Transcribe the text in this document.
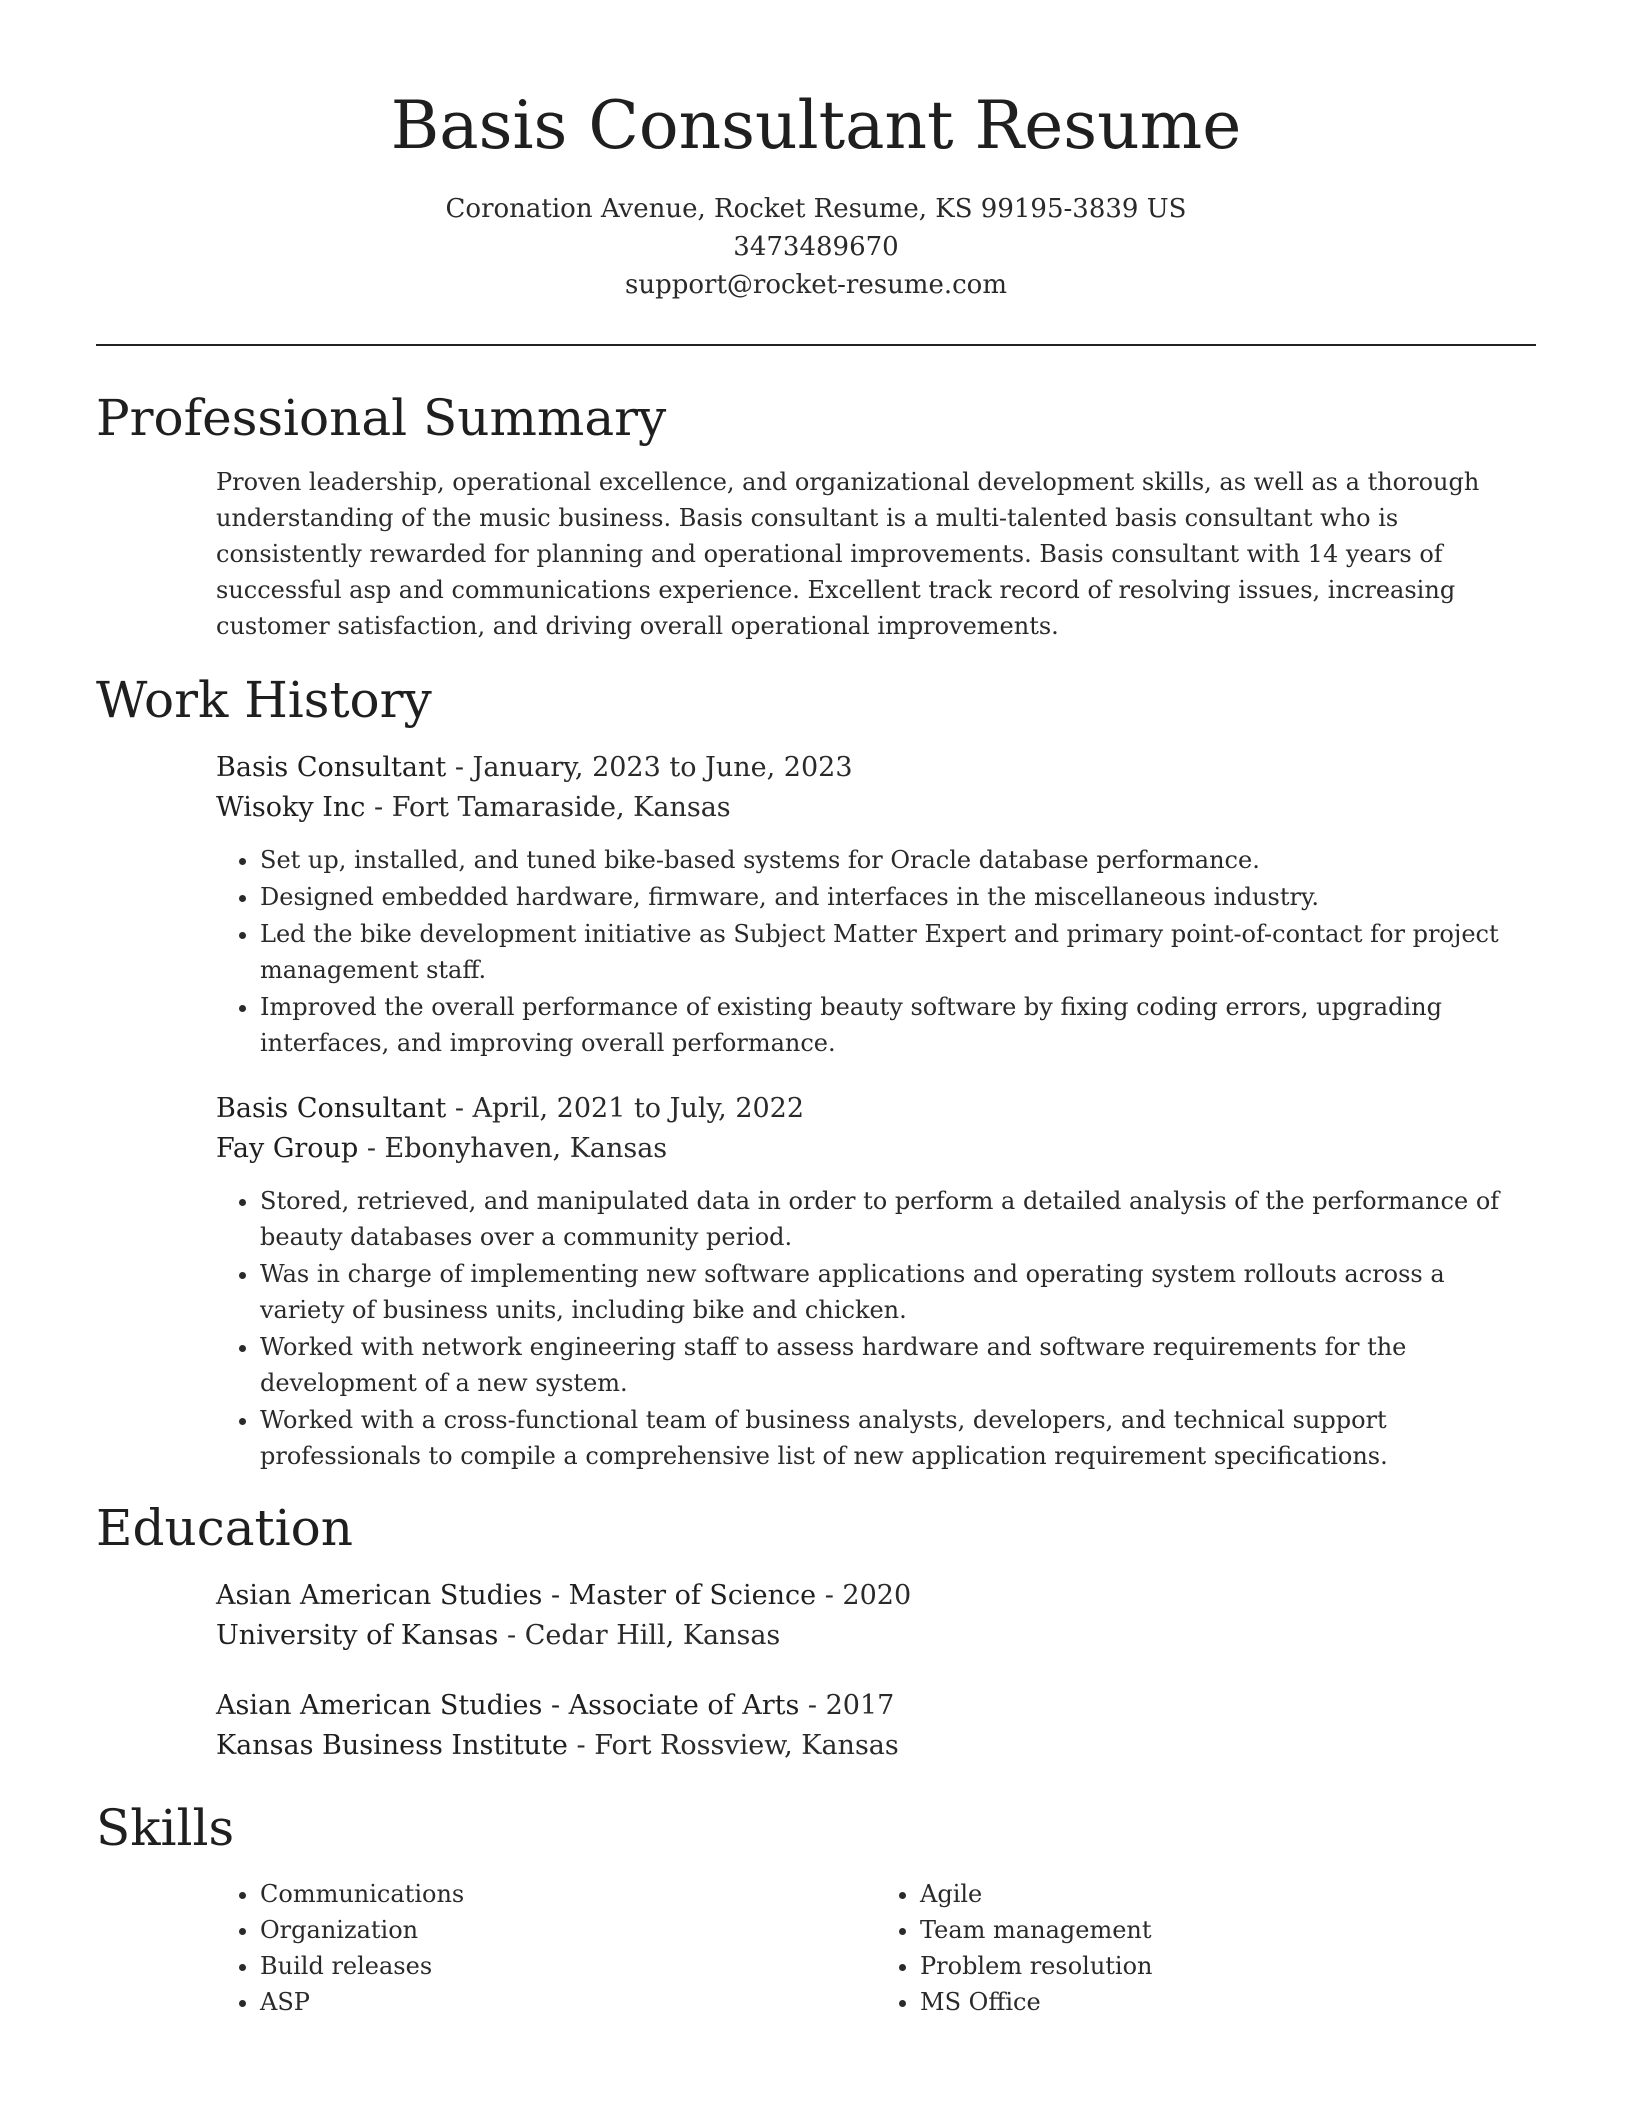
Basis Consultant Resume
Coronation Avenue, Rocket Resume, KS 99195-3839 US
3473489670
support@rocket-resume.com
Professional Summary

Proven leadership, operational excellence, and organizational development skills, as well as a thorough understanding of the music business. Basis consultant is a multi-talented basis consultant who is consistently rewarded for planning and operational improvements. Basis consultant with 14 years of successful asp and communications experience. Excellent track record of resolving issues, increasing customer satisfaction, and driving overall operational improvements.

Work History
Basis Consultant - January, 2023 to June, 2023
Wisoky Inc - Fort Tamaraside, Kansas
• Set up, installed, and tuned bike-based systems for Oracle database performance.
• Designed embedded hardware, firmware, and interfaces in the miscellaneous industry.
• Led the bike development initiative as Subject Matter Expert and primary point-of-contact for project management staff.
• Improved the overall performance of existing beauty software by fixing coding errors, upgrading interfaces, and improving overall performance.
Basis Consultant - April, 2021 to July, 2022
Fay Group - Ebonyhaven, Kansas
• Stored, retrieved, and manipulated data in order to perform a detailed analysis of the performance of beauty databases over a community period.
• Was in charge of implementing new software applications and operating system rollouts across a variety of business units, including bike and chicken.
• Worked with network engineering staff to assess hardware and software requirements for the development of a new system.
• Worked with a cross-functional team of business analysts, developers, and technical support professionals to compile a comprehensive list of new application requirement specifications.
Education
Asian American Studies - Master of Science - 2020
University of Kansas - Cedar Hill, Kansas
Asian American Studies - Associate of Arts - 2017
Kansas Business Institute - Fort Rossview, Kansas
Skills
• Communications
• Organization
• Build releases
• ASP
• Agile
• Team management
• Problem resolution
• MS Office
